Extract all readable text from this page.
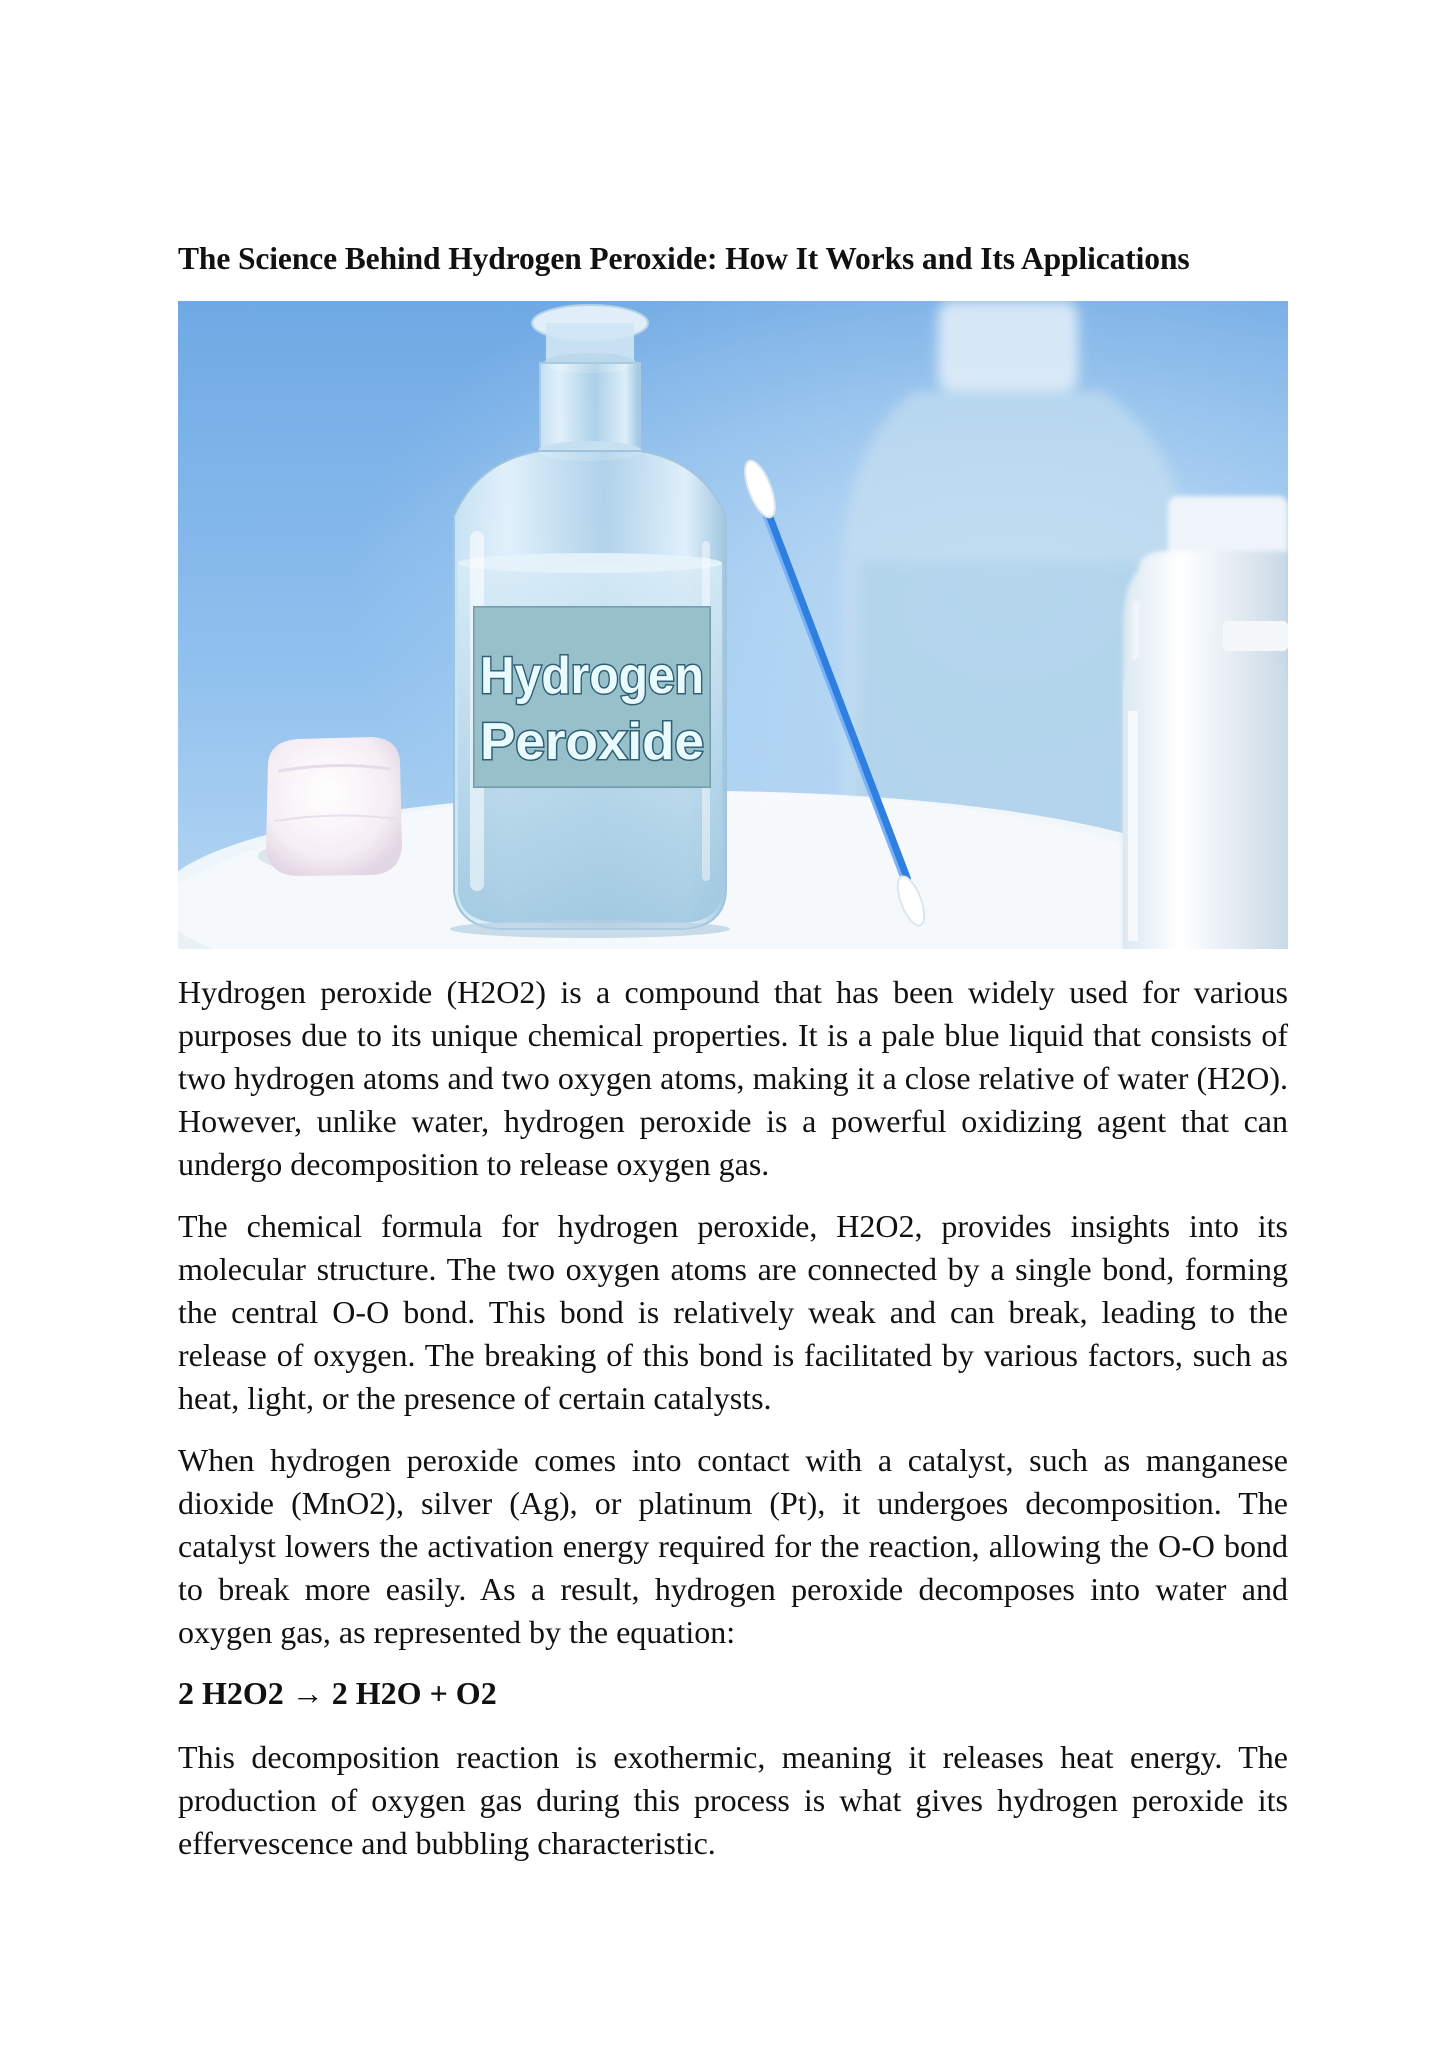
The Science Behind Hydrogen Peroxide: How It Works and Its Applications
Hydrogen
Peroxide

Hydrogen peroxide (H2O2) is a compound that has been widely used for various purposes due to its unique chemical properties. It is a pale blue liquid that consists of two hydrogen atoms and two oxygen atoms, making it a close relative of water (H2O). However, unlike water, hydrogen peroxide is a powerful oxidizing agent that can undergo decomposition to release oxygen gas.

The chemical formula for hydrogen peroxide, H2O2, provides insights into its molecular structure. The two oxygen atoms are connected by a single bond, forming the central O-O bond. This bond is relatively weak and can break, leading to the release of oxygen. The breaking of this bond is facilitated by various factors, such as heat, light, or the presence of certain catalysts.

When hydrogen peroxide comes into contact with a catalyst, such as manganese dioxide (MnO2), silver (Ag), or platinum (Pt), it undergoes decomposition. The catalyst lowers the activation energy required for the reaction, allowing the O-O bond to break more easily. As a result, hydrogen peroxide decomposes into water and oxygen gas, as represented by the equation:

2 H2O2 → 2 H2O + O2

This decomposition reaction is exothermic, meaning it releases heat energy. The production of oxygen gas during this process is what gives hydrogen peroxide its effervescence and bubbling characteristic.
